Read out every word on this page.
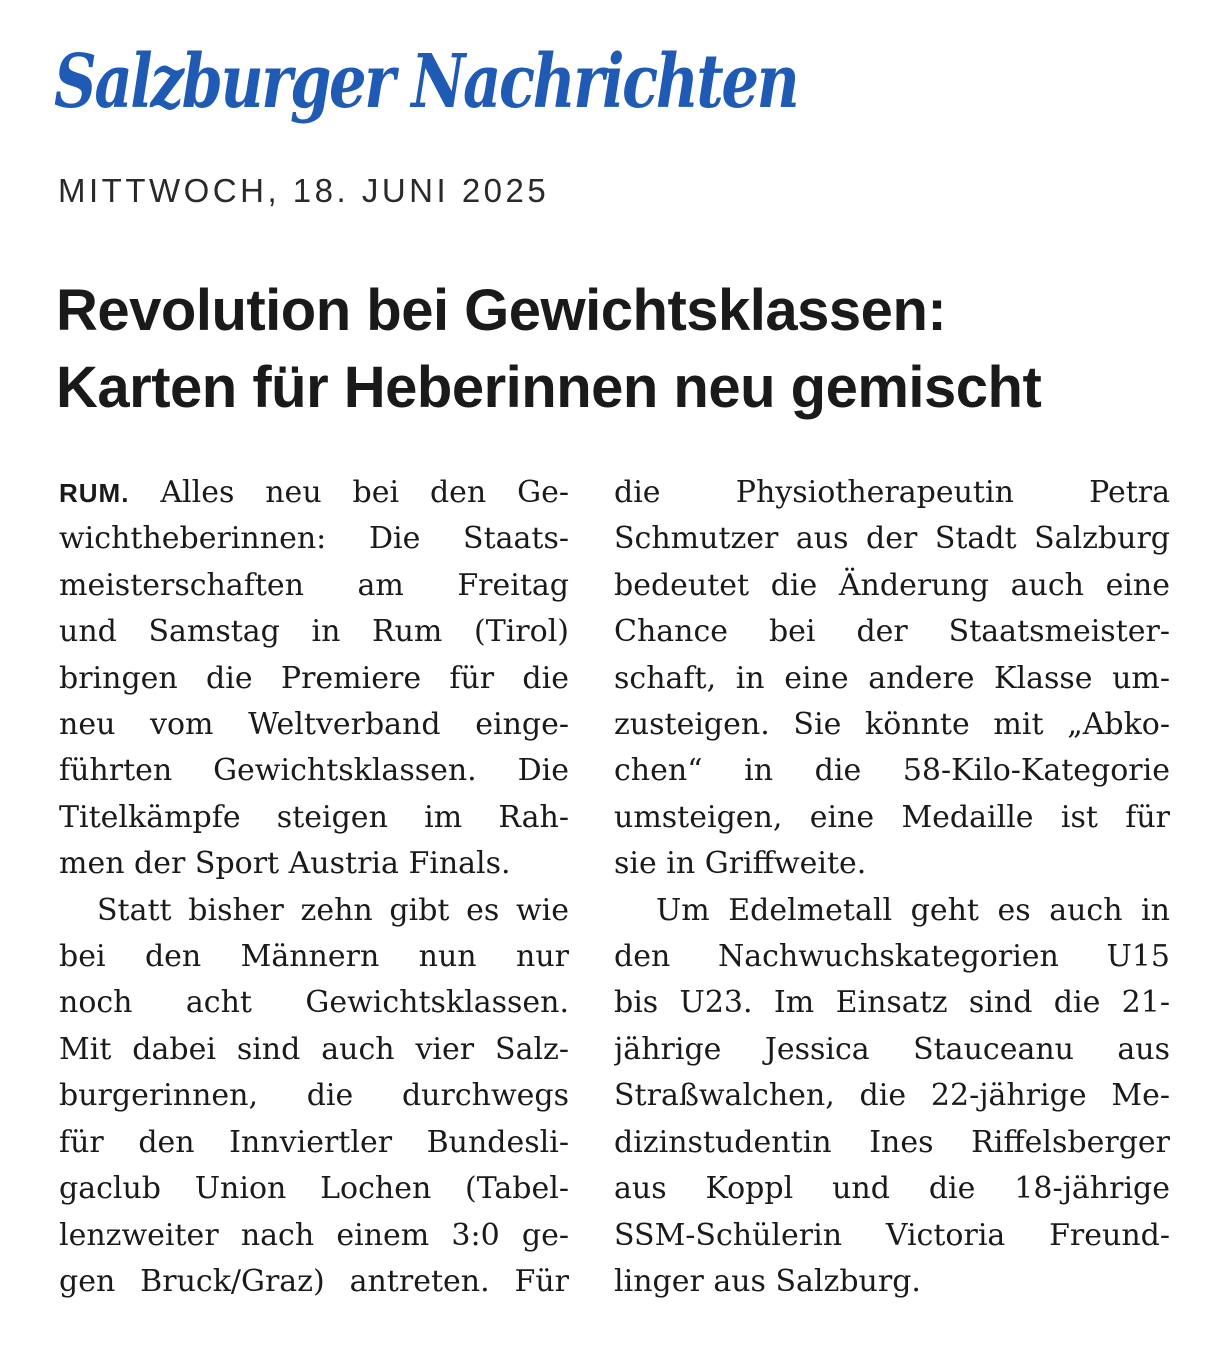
Salzburger Nachrichten
MITTWOCH, 18. JUNI 2025
Revolution bei Gewichtsklassen:
Karten für Heberinnen neu gemischt
RUM. Alles neu bei den Ge-
wichtheberinnen: Die Staats-
meisterschaften am Freitag
und Samstag in Rum (Tirol)
bringen die Premiere für die
neu vom Weltverband einge-
führten Gewichtsklassen. Die
Titelkämpfe steigen im Rah-
men der Sport Austria Finals.
Statt bisher zehn gibt es wie
bei den Männern nun nur
noch acht Gewichtsklassen.
Mit dabei sind auch vier Salz-
burgerinnen, die durchwegs
für den Innviertler Bundesli-
gaclub Union Lochen (Tabel-
lenzweiter nach einem 3:0 ge-
gen Bruck/Graz) antreten. Für
die Physiotherapeutin Petra
Schmutzer aus der Stadt Salzburg
bedeutet die Änderung auch eine
Chance bei der Staatsmeister-
schaft, in eine andere Klasse um-
zusteigen. Sie könnte mit „Abko-
chen“ in die 58-Kilo-Kategorie
umsteigen, eine Medaille ist für
sie in Griffweite.
Um Edelmetall geht es auch in
den Nachwuchskategorien U15
bis U23. Im Einsatz sind die 21-
jährige Jessica Stauceanu aus
Straßwalchen, die 22-jährige Me-
dizinstudentin Ines Riffelsberger
aus Koppl und die 18-jährige
SSM-Schülerin Victoria Freund-
linger aus Salzburg.
